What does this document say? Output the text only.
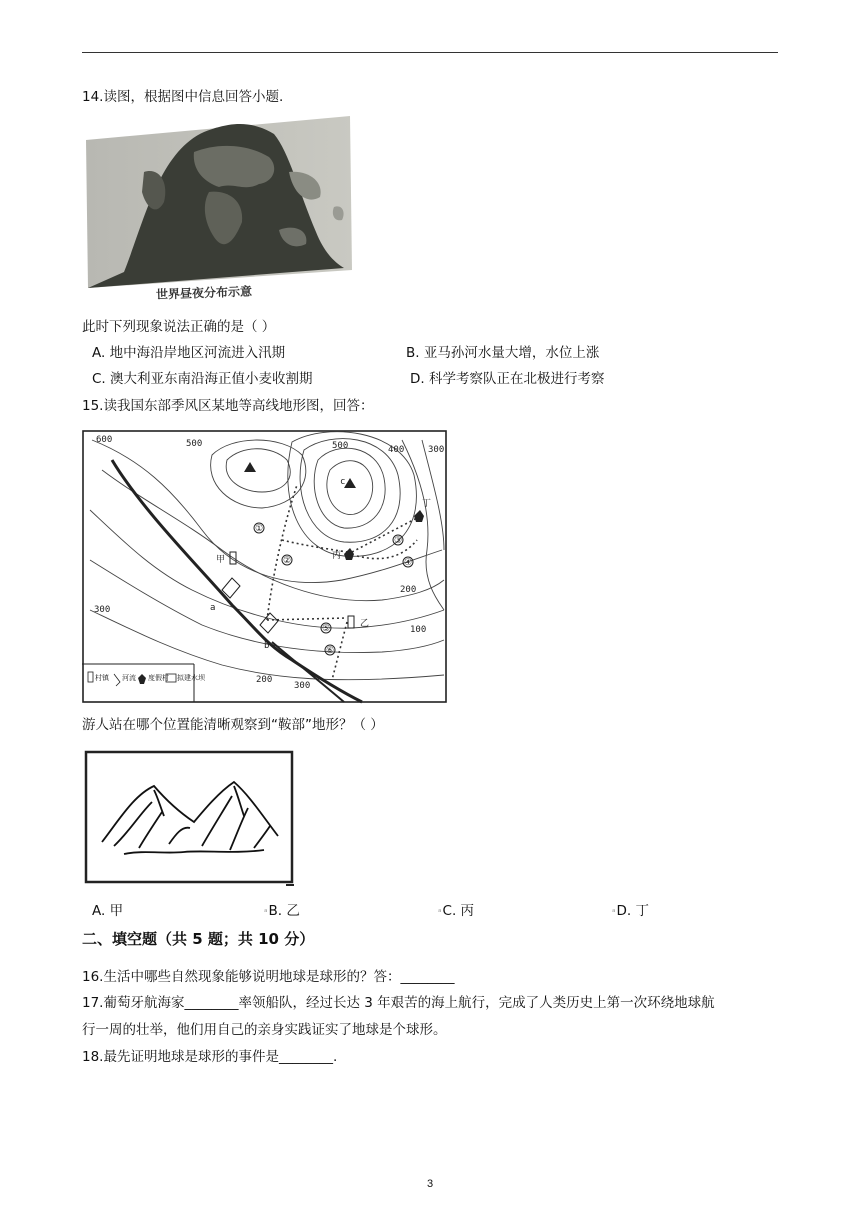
14.读图，根据图中信息回答小题.
世界昼夜分布示意
此时下列现象说法正确的是（ ）
A. 地中海沿岸地区河流进入汛期	B. 亚马孙河水量大增，水位上涨
C. 澳大利亚东南沿海正值小麦收割期	D. 科学考察队正在北极进行考察
15.读我国东部季风区某地等高线地形图，回答：
600	500	500	400	300
300
200
100
200
300
c
甲
乙
丙
丁
a
b
①
②
③
④
⑤
⑥
村镇 河流 度假村 拟建水坝
游人站在哪个位置能清晰观察到“鞍部”地形？（ ）
A. 甲	ᵃB. 乙	ᵃC. 丙	ᵃD. 丁
二、填空题（共 5 题；共 10 分）
16.生活中哪些自然现象能够说明地球是球形的？答：________
17.葡萄牙航海家________率领船队，经过长达 3 年艰苦的海上航行，完成了人类历史上第一次环绕地球航
行一周的壮举，他们用自己的亲身实践证实了地球是个球形。
18.最先证明地球是球形的事件是________.
3
